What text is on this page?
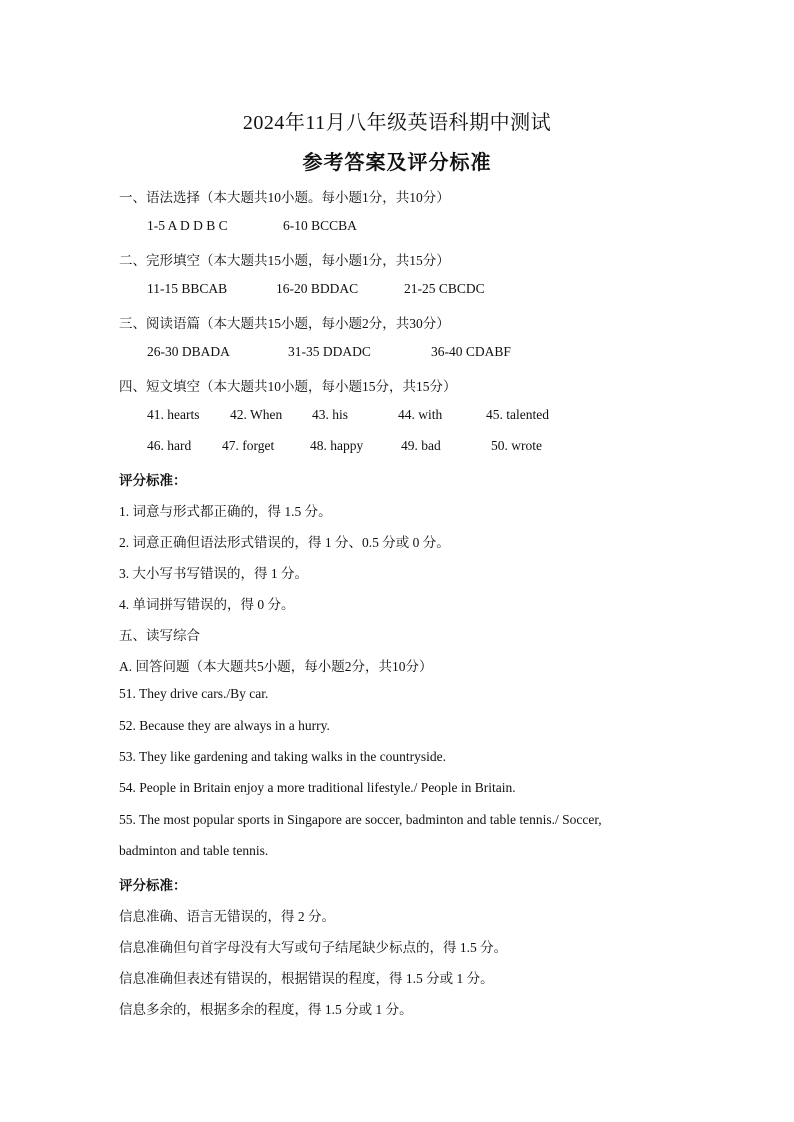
2024年11月八年级英语科期中测试
参考答案及评分标准
一、语法选择（本大题共10小题。每小题1分，共10分）
1-5 A D D B C	6-10 BCCBA
二、完形填空（本大题共15小题，每小题1分，共15分）
11-15 BBCAB	16-20 BDDAC	21-25 CBCDC
三、阅读语篇（本大题共15小题，每小题2分，共30分）
26-30 DBADA	31-35 DDADC	36-40 CDABF
四、短文填空（本大题共10小题，每小题15分，共15分）
41. hearts 42. When 43. his	44. with	45. talented
46. hard 47. forget	48. happy	49. bad	50. wrote
评分标准：
1. 词意与形式都正确的，得 1.5 分。
2. 词意正确但语法形式错误的，得 1 分、0.5 分或 0 分。
3. 大小写书写错误的，得 1 分。
4. 单词拼写错误的，得 0 分。
五、读写综合
A. 回答问题（本大题共5小题，每小题2分，共10分）
51. They drive cars./By car.
52. Because they are always in a hurry.
53. They like gardening and taking walks in the countryside.
54. People in Britain enjoy a more traditional lifestyle./ People in Britain.
55. The most popular sports in Singapore are soccer, badminton and table tennis./ Soccer,
badminton and table tennis.
评分标准：
信息准确、语言无错误的，得 2 分。
信息准确但句首字母没有大写或句子结尾缺少标点的，得 1.5 分。
信息准确但表述有错误的，根据错误的程度，得 1.5 分或 1 分。
信息多余的，根据多余的程度，得 1.5 分或 1 分。
